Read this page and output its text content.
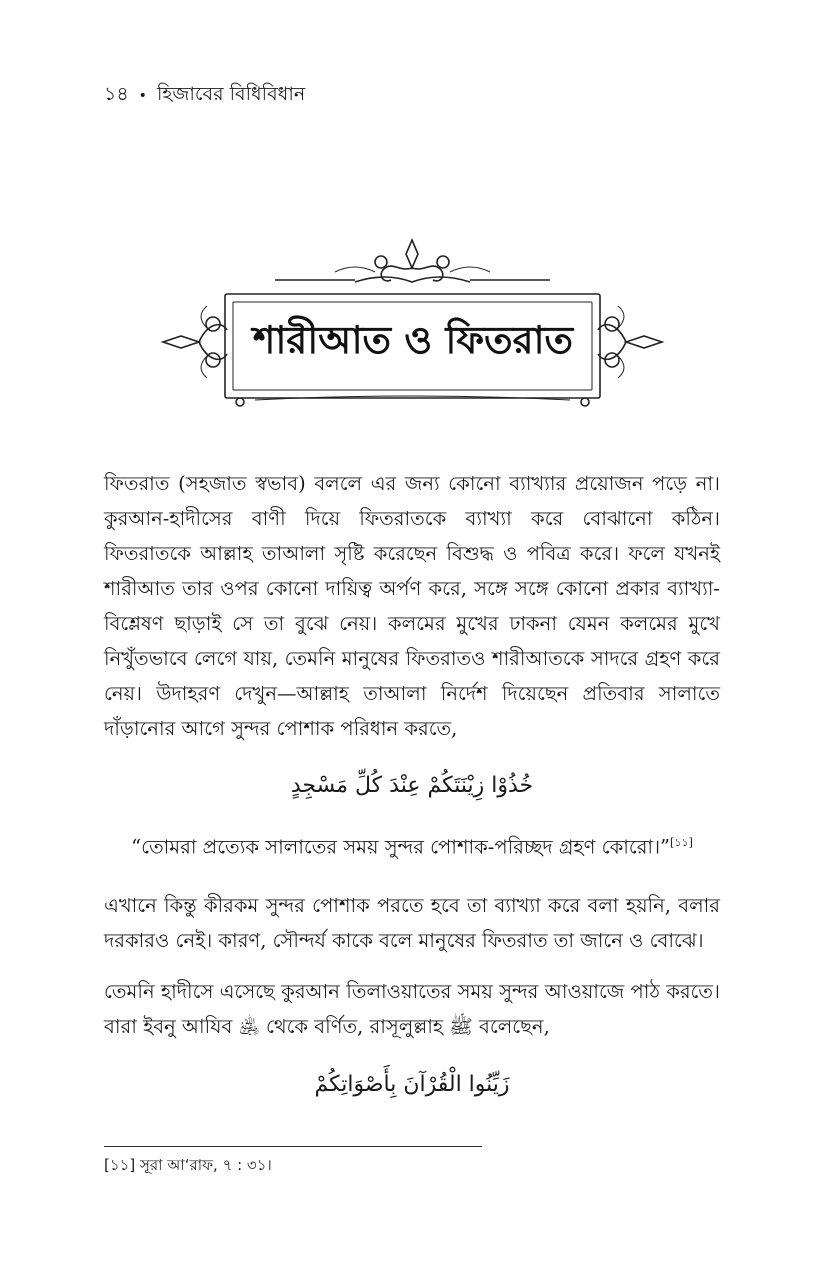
১৪ • হিজাবের বিধিবিধান
শারীআত ও ফিতরাত

ফিতরাত (সহজাত স্বভাব) বললে এর জন্য কোনো ব্যাখ্যার প্রয়োজন পড়ে না। কুরআন-হাদীসের বাণী দিয়ে ফিতরাতকে ব্যাখ্যা করে বোঝানো কঠিন। ফিতরাতকে আল্লাহ তাআলা সৃষ্টি করেছেন বিশুদ্ধ ও পবিত্র করে। ফলে যখনই শারীআত তার ওপর কোনো দায়িত্ব অর্পণ করে, সঙ্গে সঙ্গে কোনো প্রকার ব্যাখ্যা-বিশ্লেষণ ছাড়াই সে তা বুঝে নেয়। কলমের মুখের ঢাকনা যেমন কলমের মুখে নিখুঁতভাবে লেগে যায়, তেমনি মানুষের ফিতরাতও শারীআতকে সাদরে গ্রহণ করে নেয়। উদাহরণ দেখুন—আল্লাহ তাআলা নির্দেশ দিয়েছেন প্রতিবার সালাতে দাঁড়ানোর আগে সুন্দর পোশাক পরিধান করতে,

خُذُوْا زِيْنَتَكُمْ عِنْدَ كُلِّ مَسْجِدٍ
“তোমরা প্রত্যেক সালাতের সময় সুন্দর পোশাক-পরিচ্ছদ গ্রহণ কোরো।”[১১]

এখানে কিন্তু কীরকম সুন্দর পোশাক পরতে হবে তা ব্যাখ্যা করে বলা হয়নি, বলার দরকারও নেই। কারণ, সৌন্দর্য কাকে বলে মানুষের ফিতরাত তা জানে ও বোঝে।

তেমনি হাদীসে এসেছে কুরআন তিলাওয়াতের সময় সুন্দর আওয়াজে পাঠ করতে। বারা ইবনু আযিব ﵁ থেকে বর্ণিত, রাসূলুল্লাহ ﷺ বলেছেন,

زَيِّنُوا الْقُرْآنَ بِأَصْوَاتِكُمْ
[১১] সূরা আ‘রাফ, ৭ : ৩১।
